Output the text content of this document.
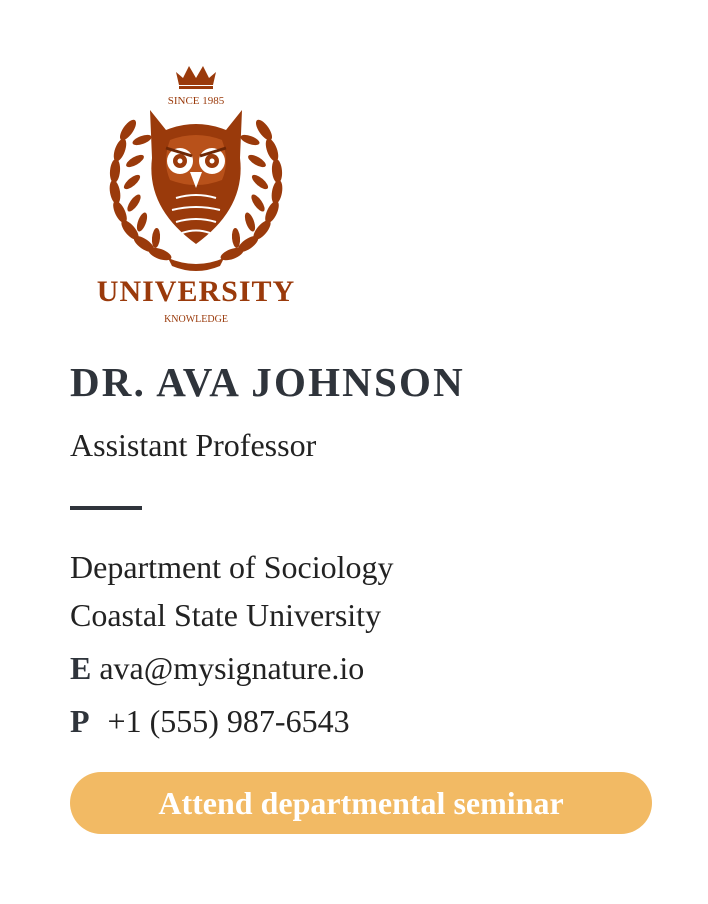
SINCE 1985
UNIVERSITY
KNOWLEDGE
DR. AVA JOHNSON
Assistant Professor
Department of Sociology
Coastal State University
E ava@mysignature.io
P +1 (555) 987-6543
Attend departmental seminar
